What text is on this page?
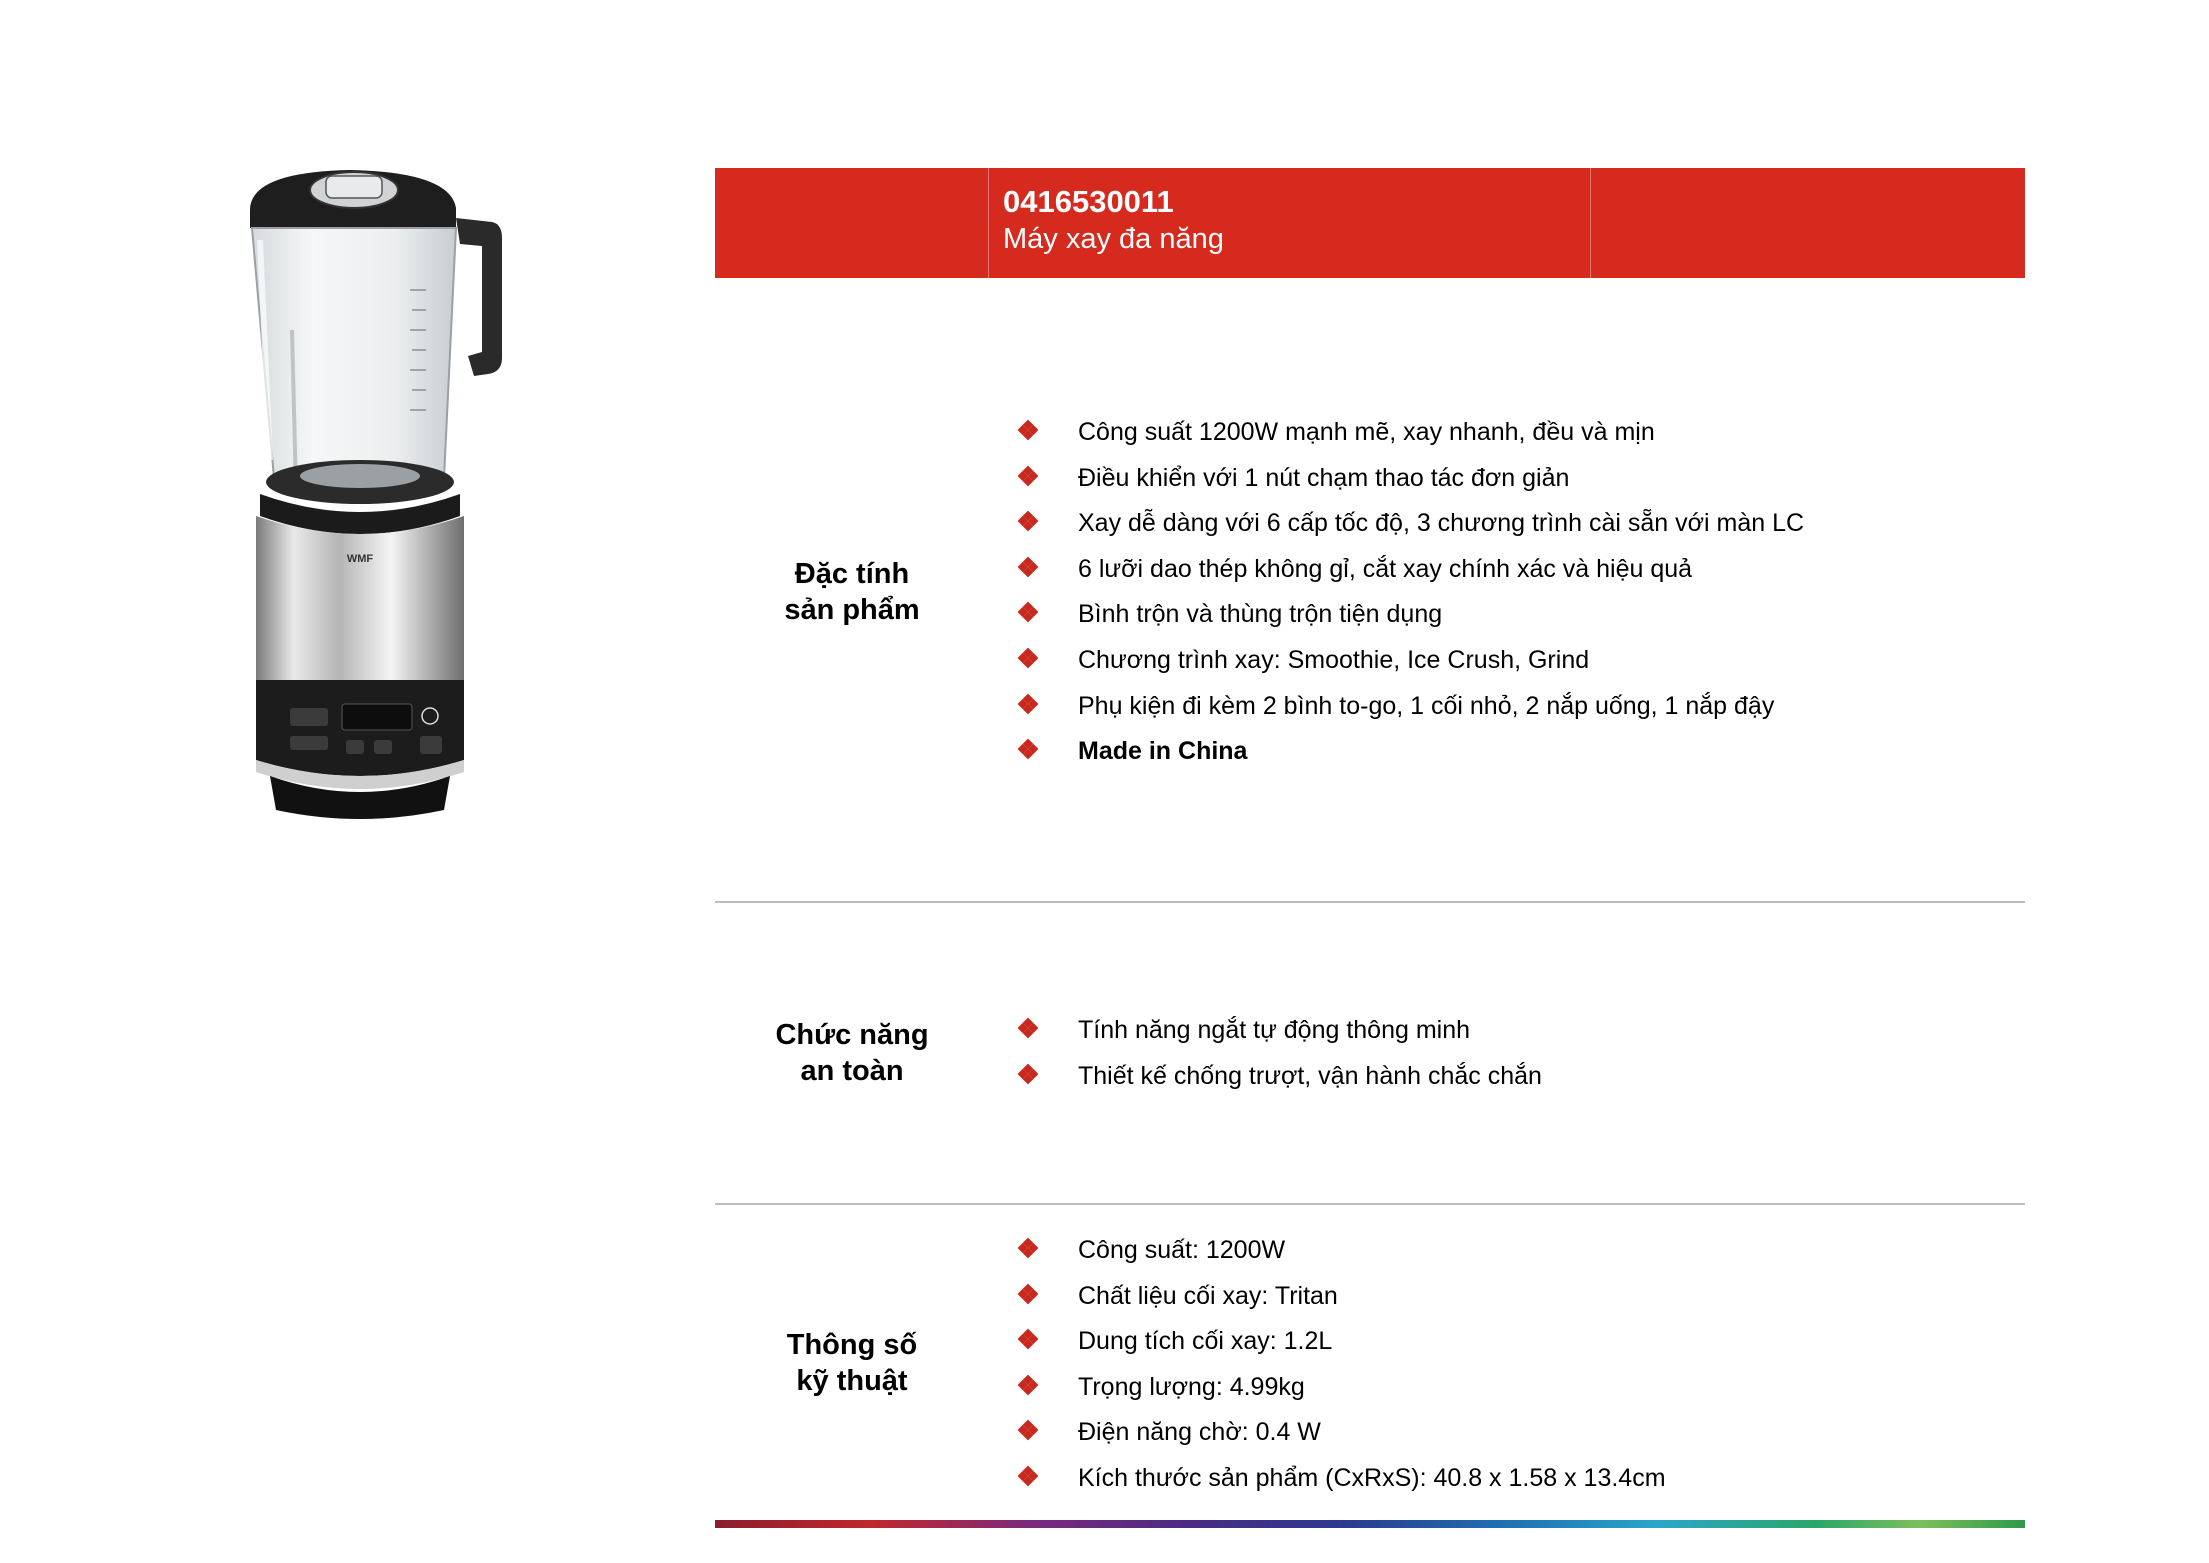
WMF
0416530011
Máy xay đa năng
Đặc tính
sản phẩm
Công suất 1200W mạnh mẽ, xay nhanh, đều và mịn
Điều khiển với 1 nút chạm thao tác đơn giản
Xay dễ dàng với 6 cấp tốc độ, 3 chương trình cài sẵn với màn LC
6 lưỡi dao thép không gỉ, cắt xay chính xác và hiệu quả
Bình trộn và thùng trộn tiện dụng
Chương trình xay: Smoothie, Ice Crush, Grind
Phụ kiện đi kèm 2 bình to-go, 1 cối nhỏ, 2 nắp uống, 1 nắp đậy
Made in China
Chức năng
an toàn
Tính năng ngắt tự động thông minh
Thiết kế chống trượt, vận hành chắc chắn
Thông số
kỹ thuật
Công suất: 1200W
Chất liệu cối xay: Tritan
Dung tích cối xay: 1.2L
Trọng lượng: 4.99kg
Điện năng chờ: 0.4 W
Kích thước sản phẩm (CxRxS): 40.8 x 1.58 x 13.4cm
